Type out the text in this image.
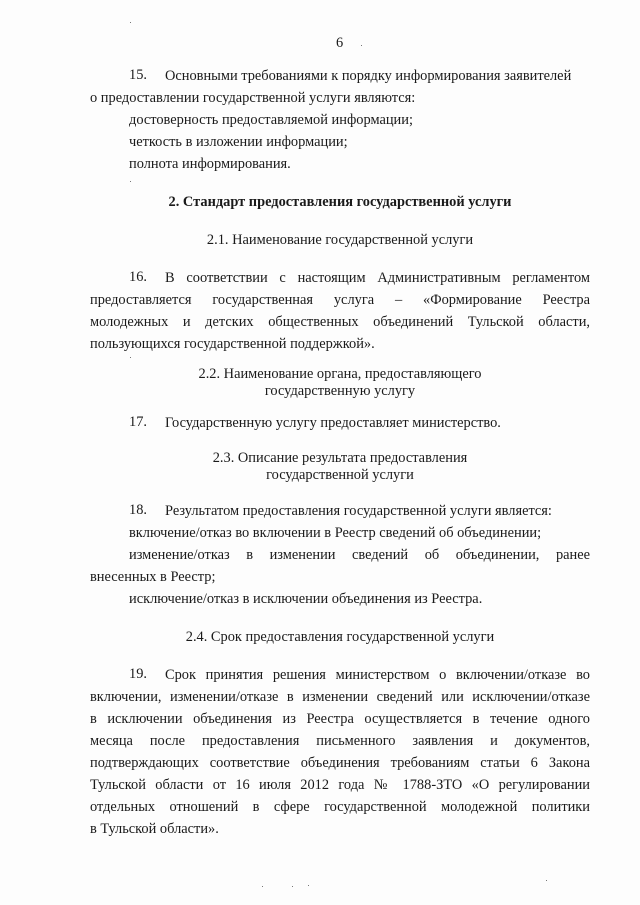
6
15. Основными требованиями к порядку информирования заявителей
о предоставлении государственной услуги являются:
достоверность предоставляемой информации;
четкость в изложении информации;
полнота информирования.
2. Стандарт предоставления государственной услуги
2.1. Наименование государственной услуги
16. В соответствии с настоящим Административным регламентом
предоставляется государственная услуга – «Формирование Реестра
молодежных и детских общественных объединений Тульской области,
пользующихся государственной поддержкой».
2.2. Наименование органа, предоставляющего
государственную услугу
17. Государственную услугу предоставляет министерство.
2.3. Описание результата предоставления
государственной услуги
18. Результатом предоставления государственной услуги является:
включение/отказ во включении в Реестр сведений об объединении;
изменение/отказ в изменении сведений об объединении, ранее
внесенных в Реестр;
исключение/отказ в исключении объединения из Реестра.
2.4. Срок предоставления государственной услуги
19. Срок принятия решения министерством о включении/отказе во
включении, изменении/отказе в изменении сведений или исключении/отказе
в исключении объединения из Реестра осуществляется в течение одного
месяца после предоставления письменного заявления и документов,
подтверждающих соответствие объединения требованиям статьи 6 Закона
Тульской области от 16 июля 2012 года № 1788-ЗТО «О регулировании
отдельных отношений в сфере государственной молодежной политики
в Тульской области».
